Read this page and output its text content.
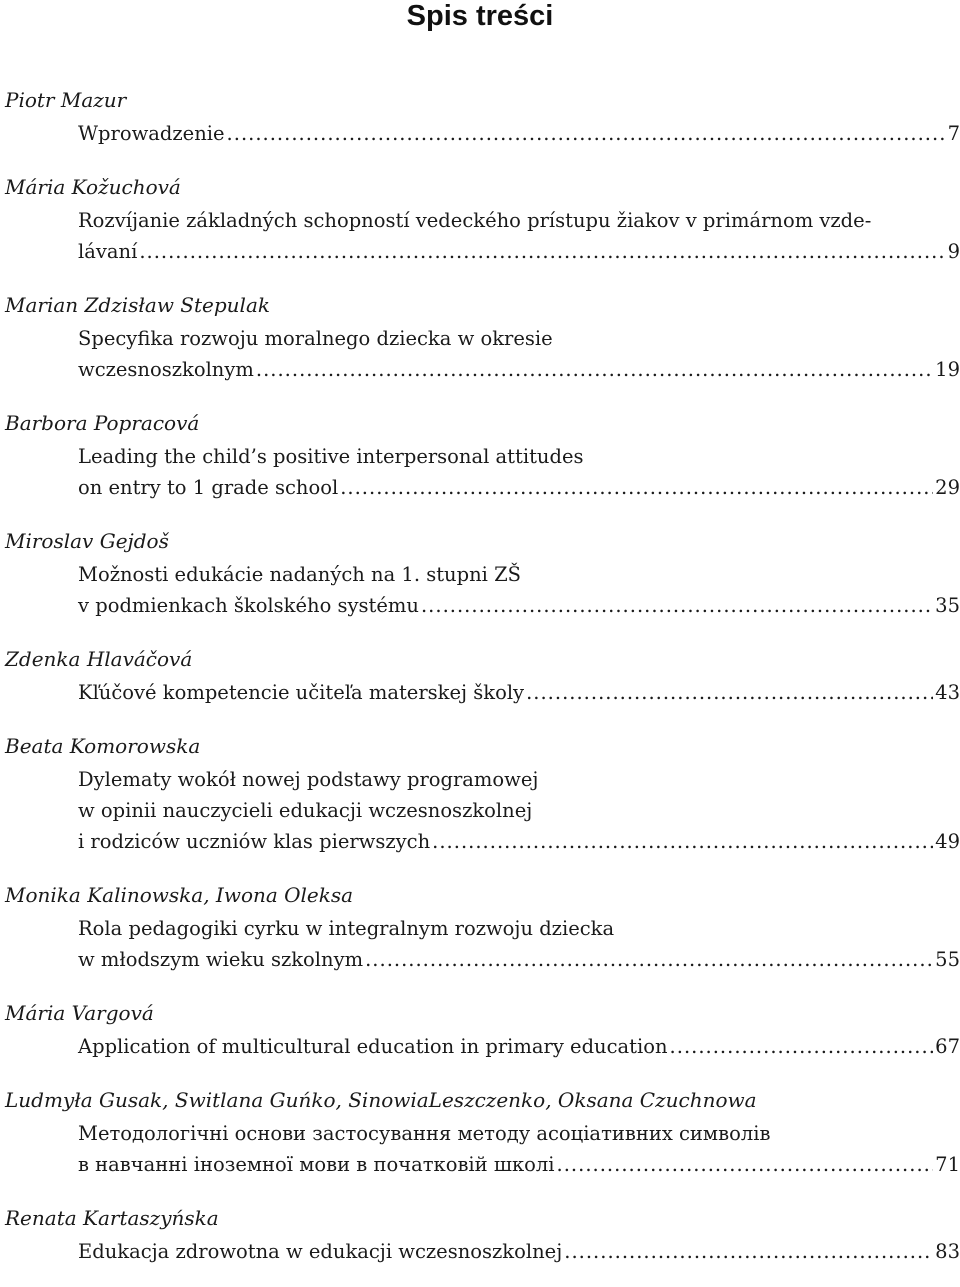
Spis treści
Piotr Mazur
Wprowadzenie .....	7
Mária Kožuchová
Rozvíjanie základných schopností vedeckého prístupu žiakov v primárnom vzde-
lávaní .....	9
Marian Zdzisław Stepulak
Specyfika rozwoju moralnego dziecka w okresie
wczesnoszkolnym .....	19
Barbora Popracová
Leading the child’s positive interpersonal attitudes
on entry to 1 grade school .....	29
Miroslav Gejdoš
Možnosti edukácie nadaných na 1. stupni ZŠ
v podmienkach školského systému .....	35
Zdenka Hlaváčová
Kľúčové kompetencie učiteľa materskej školy .....	43
Beata Komorowska
Dylematy wokół nowej podstawy programowej
w opinii nauczycieli edukacji wczesnoszkolnej
i rodziców uczniów klas pierwszych .....	49
Monika Kalinowska, Iwona Oleksa
Rola pedagogiki cyrku w integralnym rozwoju dziecka
w młodszym wieku szkolnym .....	55
Mária Vargová
Application of multicultural education in primary education .....	67
Ludmyła Gusak, Switlana Guńko, SinowiaLeszczenko, Oksana Czuchnowa
Методологічні основи застосування методу асоціативних символів
в навчанні іноземної мови в початковій школі .....	71
Renata Kartaszyńska
Edukacja zdrowotna w edukacji wczesnoszkolnej .....	83
